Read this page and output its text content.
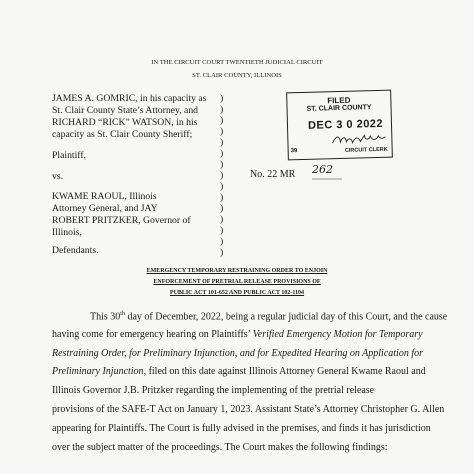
IN THE CIRCUIT COURT TWENTIETH JUDICIAL CIRCUIT
ST. CLAIR COUNTY, ILLINOIS
JAMES A. GOMRIC, in his capacity as
St. Clair County State’s Attorney, and
RICHARD “RICK” WATSON, in his
capacity as St. Clair County Sheriff;
Plaintiff,
vs.
KWAME RAOUL, Illinois
Attorney General, and JAY
ROBERT PRITZKER, Governor of
Illinois,
Defendants.
)
)
)
)
)
)
)
)
)
)
)
)
)
)
)
No. 22 MR 262
FILED
ST. CLAIR COUNTY
DEC 3 0 2022
39	CIRCUIT CLERK
EMERGENCY TEMPORARY RESTRAINING ORDER TO ENJOIN
ENFORCEMENT OF PRETRIAL RELEASE PROVISIONS OF
PUBLIC ACT 101-652 AND PUBLIC ACT 102-1104
This 30th day of December, 2022, being a regular judicial day of this Court, and the cause
having come for emergency hearing on Plaintiffs’ Verified Emergency Motion for Temporary
Restraining Order, for Preliminary Injunction, and for Expedited Hearing on Application for
Preliminary Injunction, filed on this date against Illinois Attorney General Kwame Raoul and
Illinois Governor J.B. Pritzker regarding the implementing of the pretrial release
provisions of the SAFE-T Act on January 1, 2023. Assistant State’s Attorney Christopher G. Allen
appearing for Plaintiffs. The Court is fully advised in the premises, and finds it has jurisdiction
over the subject matter of the proceedings. The Court makes the following findings:
